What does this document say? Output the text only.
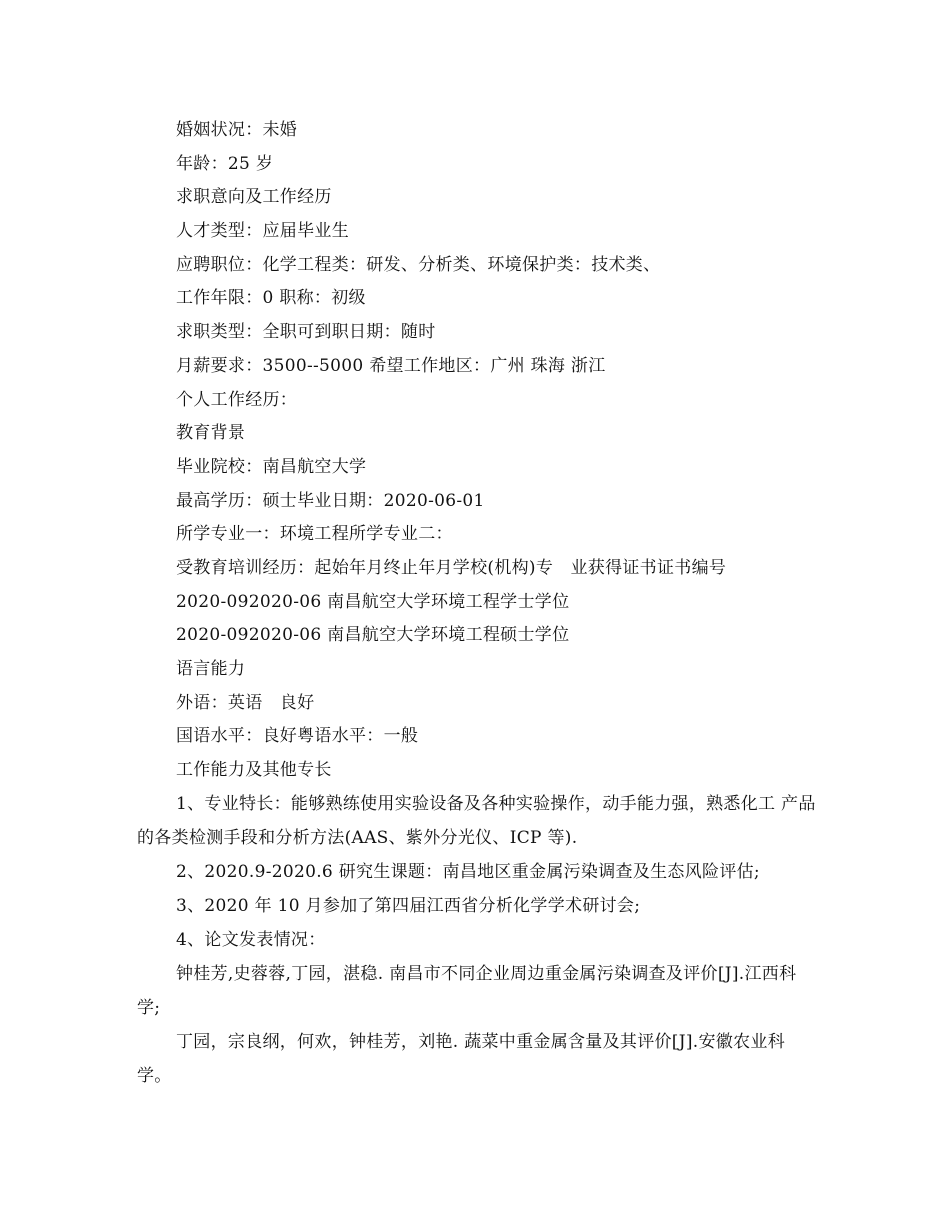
婚姻状况：未婚
年龄：25 岁
求职意向及工作经历
人才类型：应届毕业生
应聘职位：化学工程类：研发、分析类、环境保护类：技术类、
工作年限：0 职称：初级
求职类型：全职可到职日期：随时
月薪要求：3500--5000 希望工作地区：广州 珠海 浙江
个人工作经历：
教育背景
毕业院校：南昌航空大学
最高学历：硕士毕业日期：2020-06-01
所学专业一：环境工程所学专业二：
受教育培训经历：起始年月终止年月学校(机构)专　业获得证书证书编号
2020-092020-06 南昌航空大学环境工程学士学位
2020-092020-06 南昌航空大学环境工程硕士学位
语言能力
外语：英语　良好
国语水平：良好粤语水平：一般
工作能力及其他专长
1、专业特长：能够熟练使用实验设备及各种实验操作，动手能力强，熟悉化工 产品的各类检测手段和分析方法(AAS、紫外分光仪、ICP 等).
2、2020.9-2020.6 研究生课题：南昌地区重金属污染调查及生态风险评估;
3、2020 年 10 月参加了第四届江西省分析化学学术研讨会;
4、论文发表情况：
钟桂芳,史蓉蓉,丁园，湛稳. 南昌市不同企业周边重金属污染调查及评价[J].江西科学;
丁园，宗良纲，何欢，钟桂芳，刘艳. 蔬菜中重金属含量及其评价[J].安徽农业科学。
